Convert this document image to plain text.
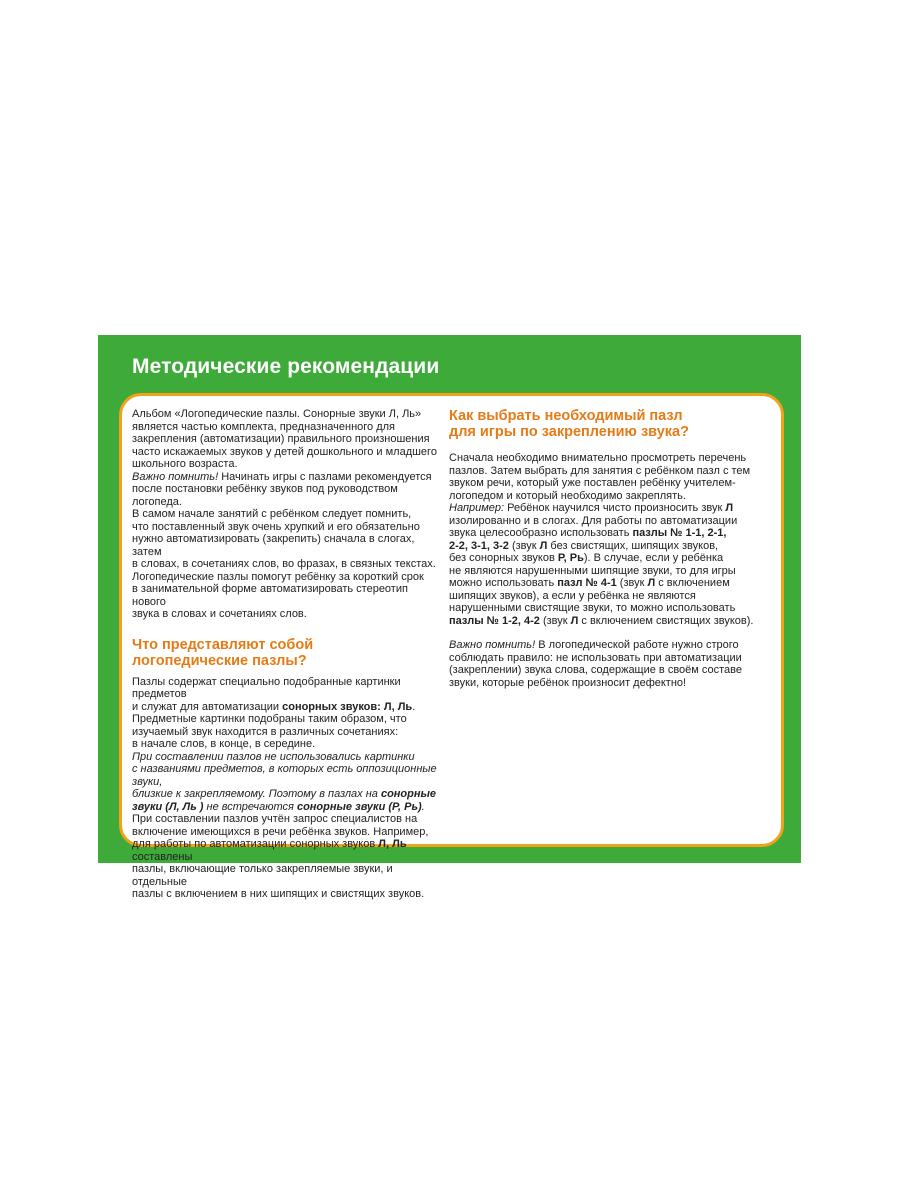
Методические рекомендации

Альбом «Логопедические пазлы. Сонорные звуки Л, Ль»
является частью комплекта, предназначенного для
закрепления (автоматизации) правильного произношения
часто искажаемых звуков у детей дошкольного и младшего
школьного возраста.

Важно помнить! Начинать игры с пазлами рекомендуется
после постановки ребёнку звуков под руководством
логопеда.

В самом начале занятий с ребёнком следует помнить,
что поставленный звук очень хрупкий и его обязательно
нужно автоматизировать (закрепить) сначала в слогах, затем
в словах, в сочетаниях слов, во фразах, в связных текстах.
Логопедические пазлы помогут ребёнку за короткий срок
в занимательной форме автоматизировать стереотип нового
звука в словах и сочетаниях слов.

Что представляют собой
логопедические пазлы?

Пазлы содержат специально подобранные картинки предметов
и служат для автоматизации сонорных звуков: Л, Ль.

Предметные картинки подобраны таким образом, что
изучаемый звук находится в различных сочетаниях:
в начале слов, в конце, в середине.

При составлении пазлов не использовались картинки
с названиями предметов, в которых есть оппозиционные звуки,
близкие к закрепляемому. Поэтому в пазлах на сонорные
звуки (Л, Ль ) не встречаются сонорные звуки (Р, Рь).

При составлении пазлов учтён запрос специалистов на
включение имеющихся в речи ребёнка звуков. Например,
для работы по автоматизации сонорных звуков Л, Ль составлены
пазлы, включающие только закрепляемые звуки, и отдельные
пазлы с включением в них шипящих и свистящих звуков.

Как выбрать необходимый пазл
для игры по закреплению звука?

Сначала необходимо внимательно просмотреть перечень
пазлов. Затем выбрать для занятия с ребёнком пазл с тем
звуком речи, который уже поставлен ребёнку учителем-
логопедом и который необходимо закреплять.

Например: Ребёнок научился чисто произносить звук Л
изолированно и в слогах. Для работы по автоматизации
звука целесообразно использовать пазлы № 1-1, 2-1,
2-2, 3-1, 3-2 (звук Л без свистящих, шипящих звуков,
без сонорных звуков Р, Рь). В случае, если у ребёнка
не являются нарушенными шипящие звуки, то для игры
можно использовать пазл № 4-1 (звук Л с включением
шипящих звуков), а если у ребёнка не являются
нарушенными свистящие звуки, то можно использовать
пазлы № 1-2, 4-2 (звук Л с включением свистящих звуков).

Важно помнить! В логопедической работе нужно строго
соблюдать правило: не использовать при автоматизации
(закреплении) звука слова, содержащие в своём составе
звуки, которые ребёнок произносит дефектно!
